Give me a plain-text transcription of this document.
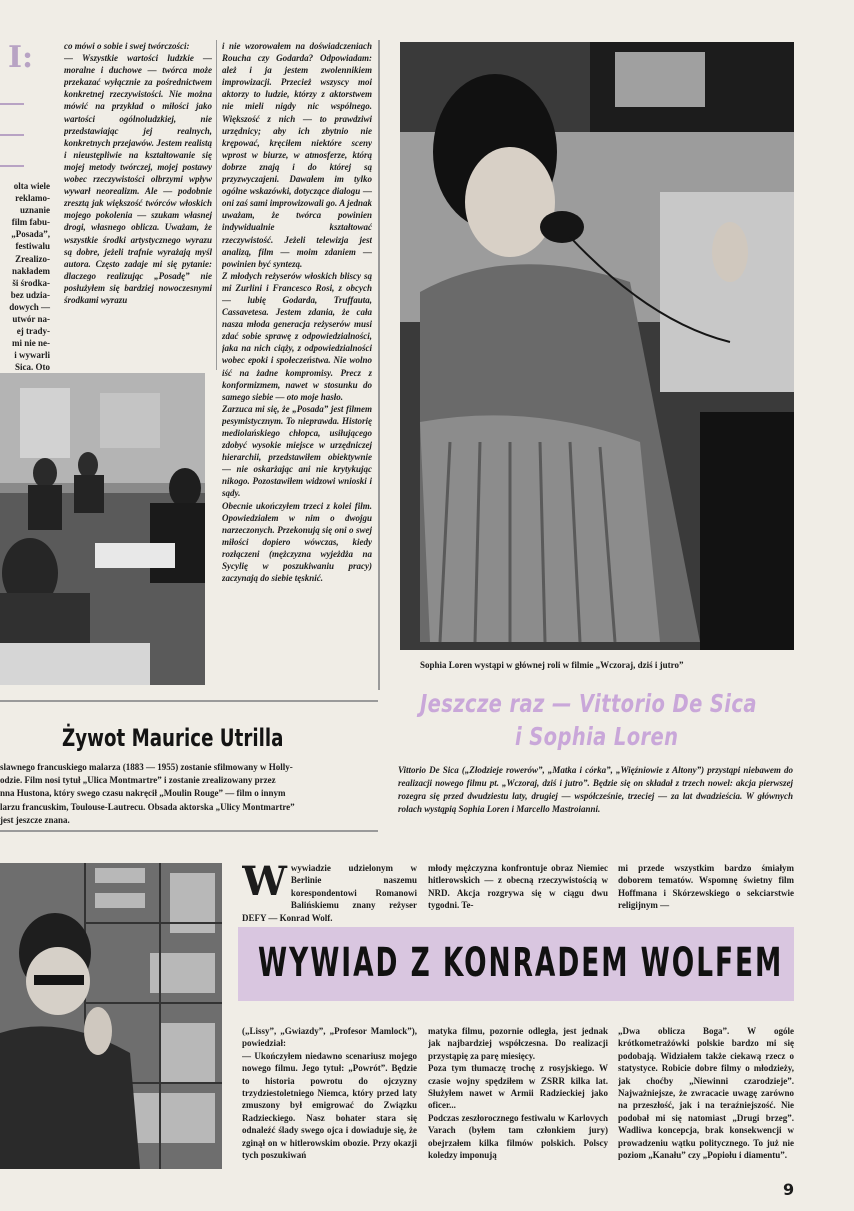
I:
olta wiele
reklamo-
uznanie
film fabu-
„Posada”,
festiwalu
Zrealizo-
nakładem
ši środka-
bez udzia-
dowych —
utwór na-
ej trady-
mi nie ne-
i wywarli
Sica. Oto
co mówi o sobie i swej twórczości:
— Wszystkie wartości ludzkie — moralne i duchowe — twórca może przekazać wyłącznie za pośrednictwem konkretnej rzeczywistości. Nie można mówić na przykład o miłości jako wartości ogólnoludzkiej, nie przedstawiając jej realnych, konkretnych przejawów. Jestem realistą i nieustępliwie na kształtowanie się mojej metody twórczej, mojej postawy wobec rzeczywistości olbrzymi wpływ wywarł neorealizm. Ale — podobnie zresztą jak większość twórców włoskich mojego pokolenia — szukam własnej drogi, własnego oblicza. Uważam, że wszystkie środki artystycznego wyrazu są dobre, jeżeli trafnie wyrażają myśl autora. Często zadaje mi się pytanie: dlaczego realizując „Posadę” nie posłużyłem się bardziej nowoczesnymi środkami wyrazu
i nie wzorowałem na doświadczeniach Roucha czy Godarda? Odpowiadam: ależ i ja jestem zwolennikiem improwizacji. Przecież wszyscy moi aktorzy to ludzie, którzy z aktorstwem nie mieli nigdy nic wspólnego. Większość z nich — to prawdziwi urzędnicy; aby ich zbytnio nie krępować, kręciłem niektóre sceny wprost w biurze, w atmosferze, którą dobrze znają i do której są przyzwyczajeni. Dawałem im tylko ogólne wskazówki, dotyczące dialogu — oni zaś sami improwizowali go. A jednak uważam, że twórca powinien indywidualnie kształtować rzeczywistość. Jeżeli telewizja jest analizą, film — moim zdaniem — powinien być syntezą.
Z młodych reżyserów włoskich bliscy są mi Zurlini i Francesco Rosi, z obcych — lubię Godarda, Truffauta, Cassavetesa. Jestem zdania, że cała nasza młoda generacja reżyserów musi zdać sobie sprawę z odpowiedzialności, jaka na nich ciąży, z odpowiedzialności wobec epoki i społeczeństwa. Nie wolno iść na żadne kompromisy. Precz z konformizmem, nawet w stosunku do samego siebie — oto moje hasło.
Zarzuca mi się, że „Posada” jest filmem pesymistycznym. To nieprawda. Historię mediolańskiego chłopca, usiłującego zdobyć wysokie miejsce w urzędniczej hierarchii, przedstawiłem obiektywnie — nie oskarżając ani nie krytykując nikogo. Pozostawiłem widzowi wnioski i sądy.
Obecnie ukończyłem trzeci z kolei film. Opowiedziałem w nim o dwojgu narzeczonych. Przekonują się oni o swej miłości dopiero wówczas, kiedy rozłączeni (mężczyzna wyjeżdża na Sycylię w poszukiwaniu pracy) zaczynają do siebie tęsknić.
Sophia Loren wystąpi w głównej roli w filmie „Wczoraj, dziś i jutro”
Żywot Maurice Utrilla
slawnego francuskiego malarza (1883 — 1955) zostanie sfilmowany w Holly-
odzie. Film nosi tytuł „Ulica Montmartre” i zostanie zrealizowany przez
nna Hustona, który swego czasu nakręcił „Moulin Rouge” — film o innym
larzu francuskim, Toulouse-Lautrecu. Obsada aktorska „Ulicy Montmartre”
jest jeszcze znana.
Jeszcze raz — Vittorio De Sica
i Sophia Loren
Vittorio De Sica („Złodzieje rowerów”, „Matka i córka”, „Więźniowie z Altony”) przystąpi niebawem do realizacji nowego filmu pt. „Wczoraj, dziś i jutro”. Będzie się on składał z trzech nowel: akcja pierwszej rozegra się przed dwudziestu laty, drugiej — współcześnie, trzeciej — za lat dwadzieścia. W głównych rolach wystąpią Sophia Loren i Marcello Mastroianni.
W wywiadzie udzielonym w Berlinie naszemu korespondentowi Romanowi Balińskiemu znany reżyser DEFY — Konrad Wolf.
młody mężczyzna konfrontuje obraz Niemiec hitlerowskich — z obecną rzeczywistością w NRD. Akcja rozgrywa się w ciągu dwu tygodni. Te-
mi przede wszystkim bardzo śmiałym doborem tematów. Wspomnę świetny film Hoffmana i Skórzewskiego o sekciarstwie religijnym —
WYWIAD Z KONRADEM WOLFEM
(„Lissy”, „Gwiazdy”, „Profesor Mamlock”), powiedział:
— Ukończyłem niedawno scenariusz mojego nowego filmu. Jego tytuł: „Powrót”. Będzie to historia powrotu do ojczyzny trzydziestoletniego Niemca, który przed laty zmuszony był emigrować do Związku Radzieckiego. Nasz bohater stara się odnaleźć ślady swego ojca i dowiaduje się, że zginął on w hitlerowskim obozie. Przy okazji tych poszukiwań
matyka filmu, pozornie odległa, jest jednak jak najbardziej współczesna. Do realizacji przystąpię za parę miesięcy.
Poza tym tłumaczę trochę z rosyjskiego. W czasie wojny spędziłem w ZSRR kilka lat. Służyłem nawet w Armii Radzieckiej jako oficer...
Podczas zeszłorocznego festiwalu w Karlovych Varach (byłem tam członkiem jury) obejrzałem kilka filmów polskich. Polscy koledzy imponują
„Dwa oblicza Boga”. W ogóle krótkometrażówki polskie bardzo mi się podobają. Widziałem także ciekawą rzecz o statystyce. Robicie dobre filmy o młodzieży, jak choćby „Niewinni czarodzieje”. Najważniejsze, że zwracacie uwagę zarówno na przeszłość, jak i na teraźniejszość. Nie podobał mi się natomiast „Drugi brzeg”. Wadliwa koncepcja, brak konsekwencji w prowadzeniu wątku politycznego. To już nie poziom „Kanału” czy „Popiołu i diamentu”.
9
